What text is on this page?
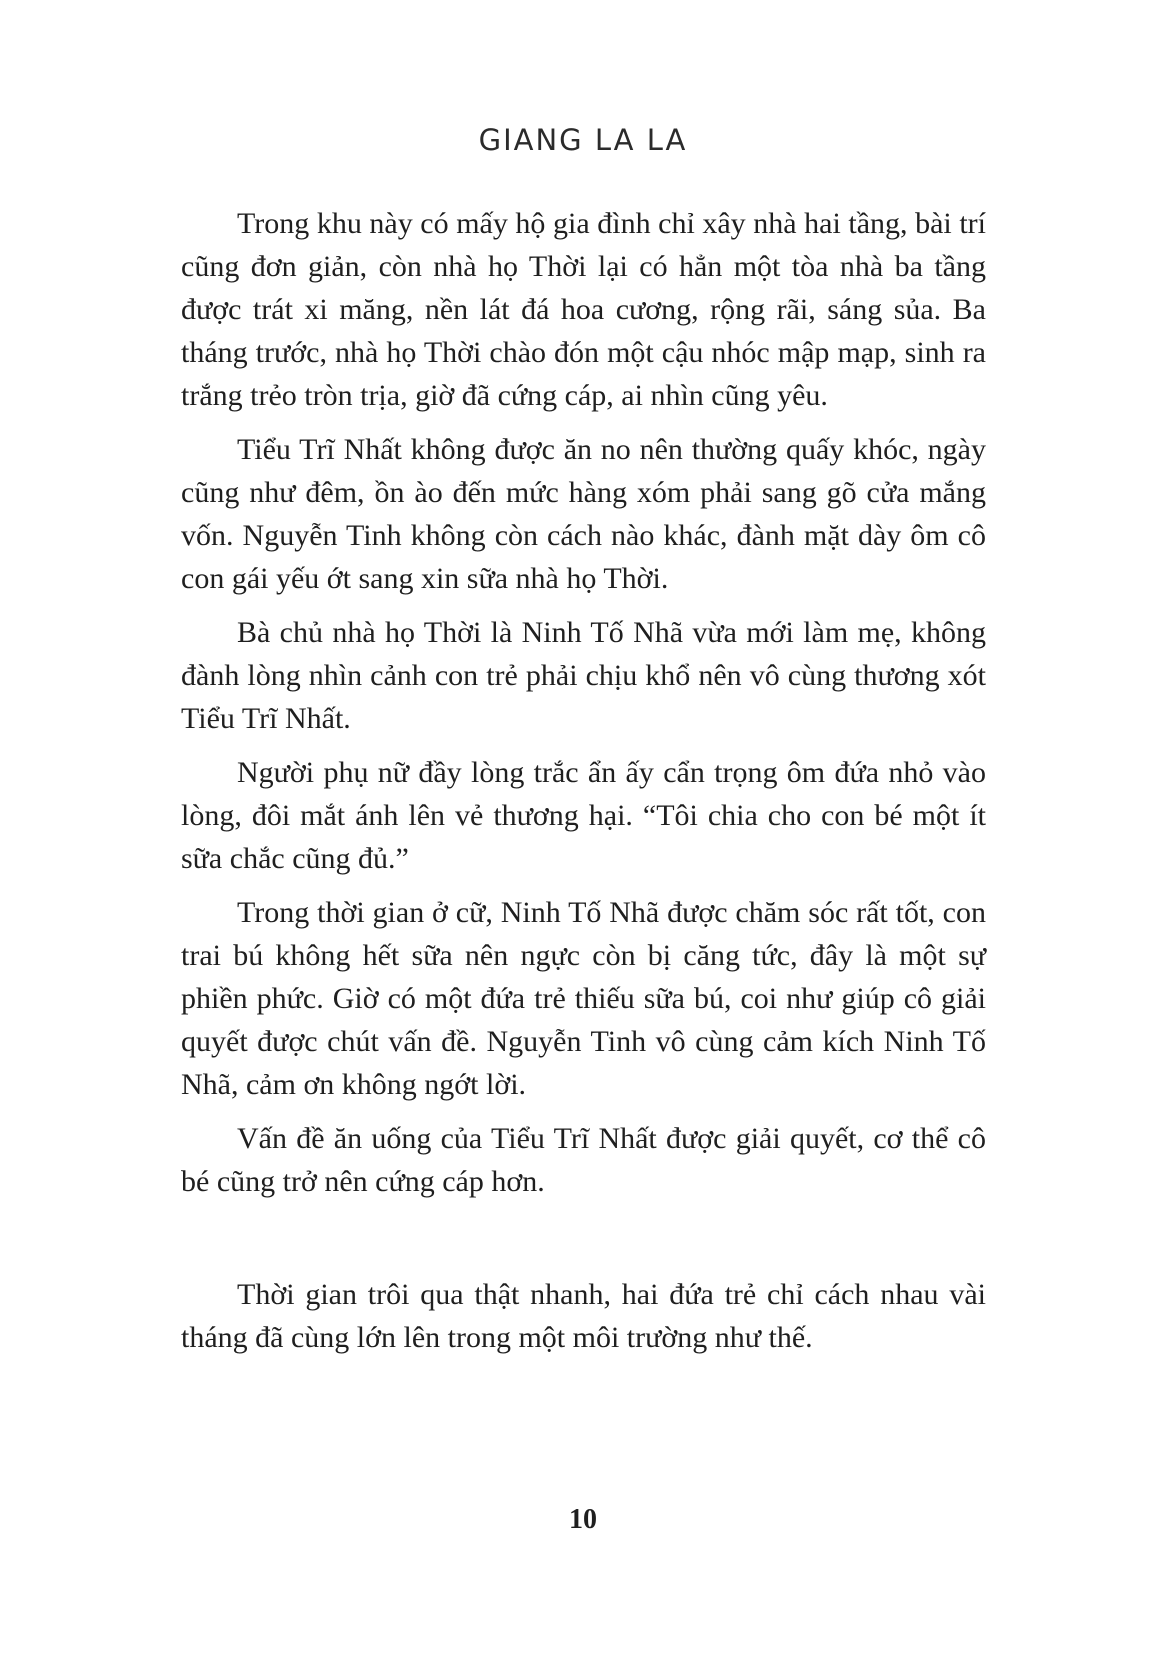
GIANG LA LA

Trong khu này có mấy hộ gia đình chỉ xây nhà hai tầng, bài trí cũng đơn giản, còn nhà họ Thời lại có hẳn một tòa nhà ba tầng được trát xi măng, nền lát đá hoa cương, rộng rãi, sáng sủa. Ba tháng trước, nhà họ Thời chào đón một cậu nhóc mập mạp, sinh ra trắng trẻo tròn trịa, giờ đã cứng cáp, ai nhìn cũng yêu.

Tiểu Trĩ Nhất không được ăn no nên thường quấy khóc, ngày cũng như đêm, ồn ào đến mức hàng xóm phải sang gõ cửa mắng vốn. Nguyễn Tinh không còn cách nào khác, đành mặt dày ôm cô con gái yếu ớt sang xin sữa nhà họ Thời.

Bà chủ nhà họ Thời là Ninh Tố Nhã vừa mới làm mẹ, không đành lòng nhìn cảnh con trẻ phải chịu khổ nên vô cùng thương xót Tiểu Trĩ Nhất.

Người phụ nữ đầy lòng trắc ẩn ấy cẩn trọng ôm đứa nhỏ vào lòng, đôi mắt ánh lên vẻ thương hại. “Tôi chia cho con bé một ít sữa chắc cũng đủ.”

Trong thời gian ở cữ, Ninh Tố Nhã được chăm sóc rất tốt, con trai bú không hết sữa nên ngực còn bị căng tức, đây là một sự phiền phức. Giờ có một đứa trẻ thiếu sữa bú, coi như giúp cô giải quyết được chút vấn đề. Nguyễn Tinh vô cùng cảm kích Ninh Tố Nhã, cảm ơn không ngớt lời.

Vấn đề ăn uống của Tiểu Trĩ Nhất được giải quyết, cơ thể cô bé cũng trở nên cứng cáp hơn.

Thời gian trôi qua thật nhanh, hai đứa trẻ chỉ cách nhau vài tháng đã cùng lớn lên trong một môi trường như thế.

10
